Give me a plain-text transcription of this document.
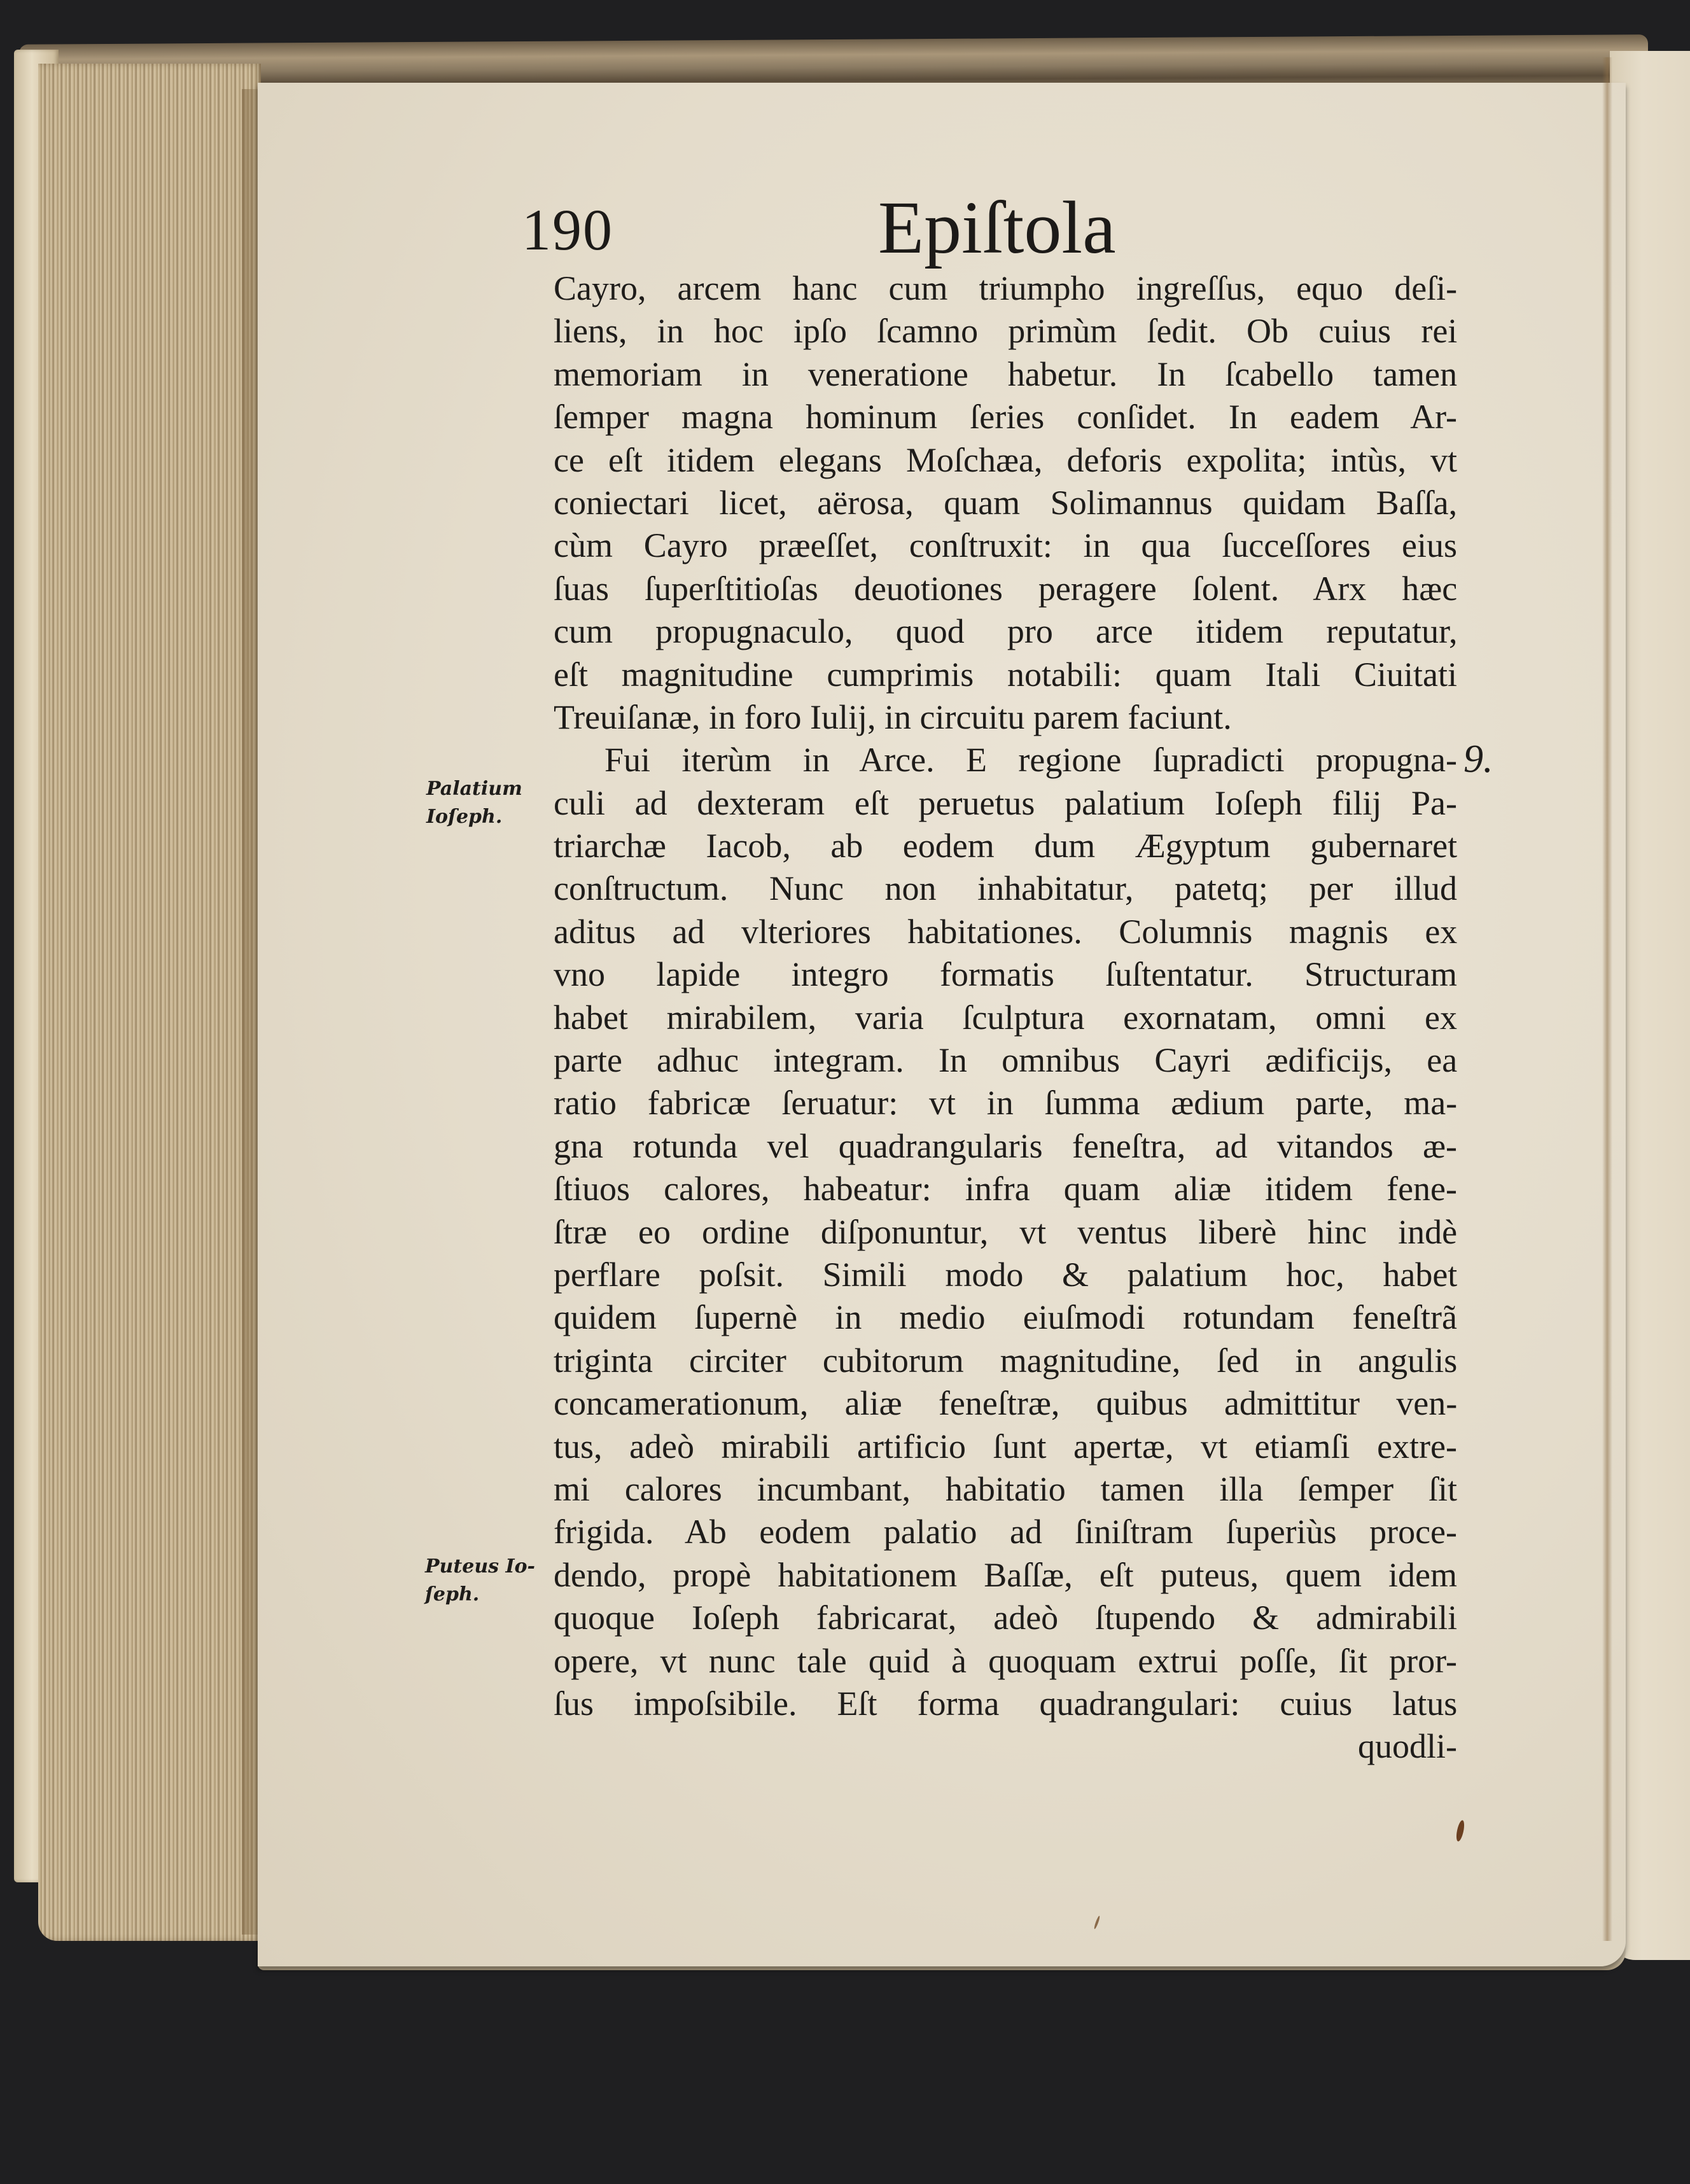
190	Epiſtola
Cayro, arcem hanc cum triumpho ingreſſus, equo deſi-
liens, in hoc ipſo ſcamno primùm ſedit. Ob cuius rei
memoriam in veneratione habetur. In ſcabello tamen
ſemper magna hominum ſeries conſidet. In eadem Ar-
ce eſt itidem elegans Moſchæa, deforis expolita; intùs, vt
coniectari licet, aërosa, quam Solimannus quidam Baſſa,
cùm Cayro præeſſet, conſtruxit: in qua ſucceſſores eius
ſuas ſuperſtitioſas deuotiones peragere ſolent. Arx hæc
cum propugnaculo, quod pro arce itidem reputatur,
eſt magnitudine cumprimis notabili: quam Itali Ciuitati
Treuiſanæ, in foro Iulij, in circuitu parem faciunt.
Fui iterùm in Arce. E regione ſupradicti propugna-
culi ad dexteram eſt peruetus palatium Ioſeph filij Pa-
triarchæ Iacob, ab eodem dum Ægyptum gubernaret
conſtructum. Nunc non inhabitatur, patetq; per illud
aditus ad vlteriores habitationes. Columnis magnis ex
vno lapide integro formatis ſuſtentatur. Structuram
habet mirabilem, varia ſculptura exornatam, omni ex
parte adhuc integram. In omnibus Cayri ædificijs, ea
ratio fabricæ ſeruatur: vt in ſumma ædium parte, ma-
gna rotunda vel quadrangularis feneſtra, ad vitandos æ-
ſtiuos calores, habeatur: infra quam aliæ itidem fene-
ſtræ eo ordine diſponuntur, vt ventus liberè hinc indè
perflare poſsit. Simili modo & palatium hoc, habet
quidem ſupernè in medio eiuſmodi rotundam feneſtrã
triginta circiter cubitorum magnitudine, ſed in angulis
concamerationum, aliæ feneſtræ, quibus admittitur ven-
tus, adeò mirabili artificio ſunt apertæ, vt etiamſi extre-
mi calores incumbant, habitatio tamen illa ſemper ſit
frigida. Ab eodem palatio ad ſiniſtram ſuperiùs proce-
dendo, propè habitationem Baſſæ, eſt puteus, quem idem
quoque Ioſeph fabricarat, adeò ſtupendo & admirabili
opere, vt nunc tale quid à quoquam extrui poſſe, ſit pror-
ſus impoſsibile. Eſt forma quadrangulari: cuius latus
quodli-
Palatium
Ioſeph.
Puteus Io-
ſeph.
9.
